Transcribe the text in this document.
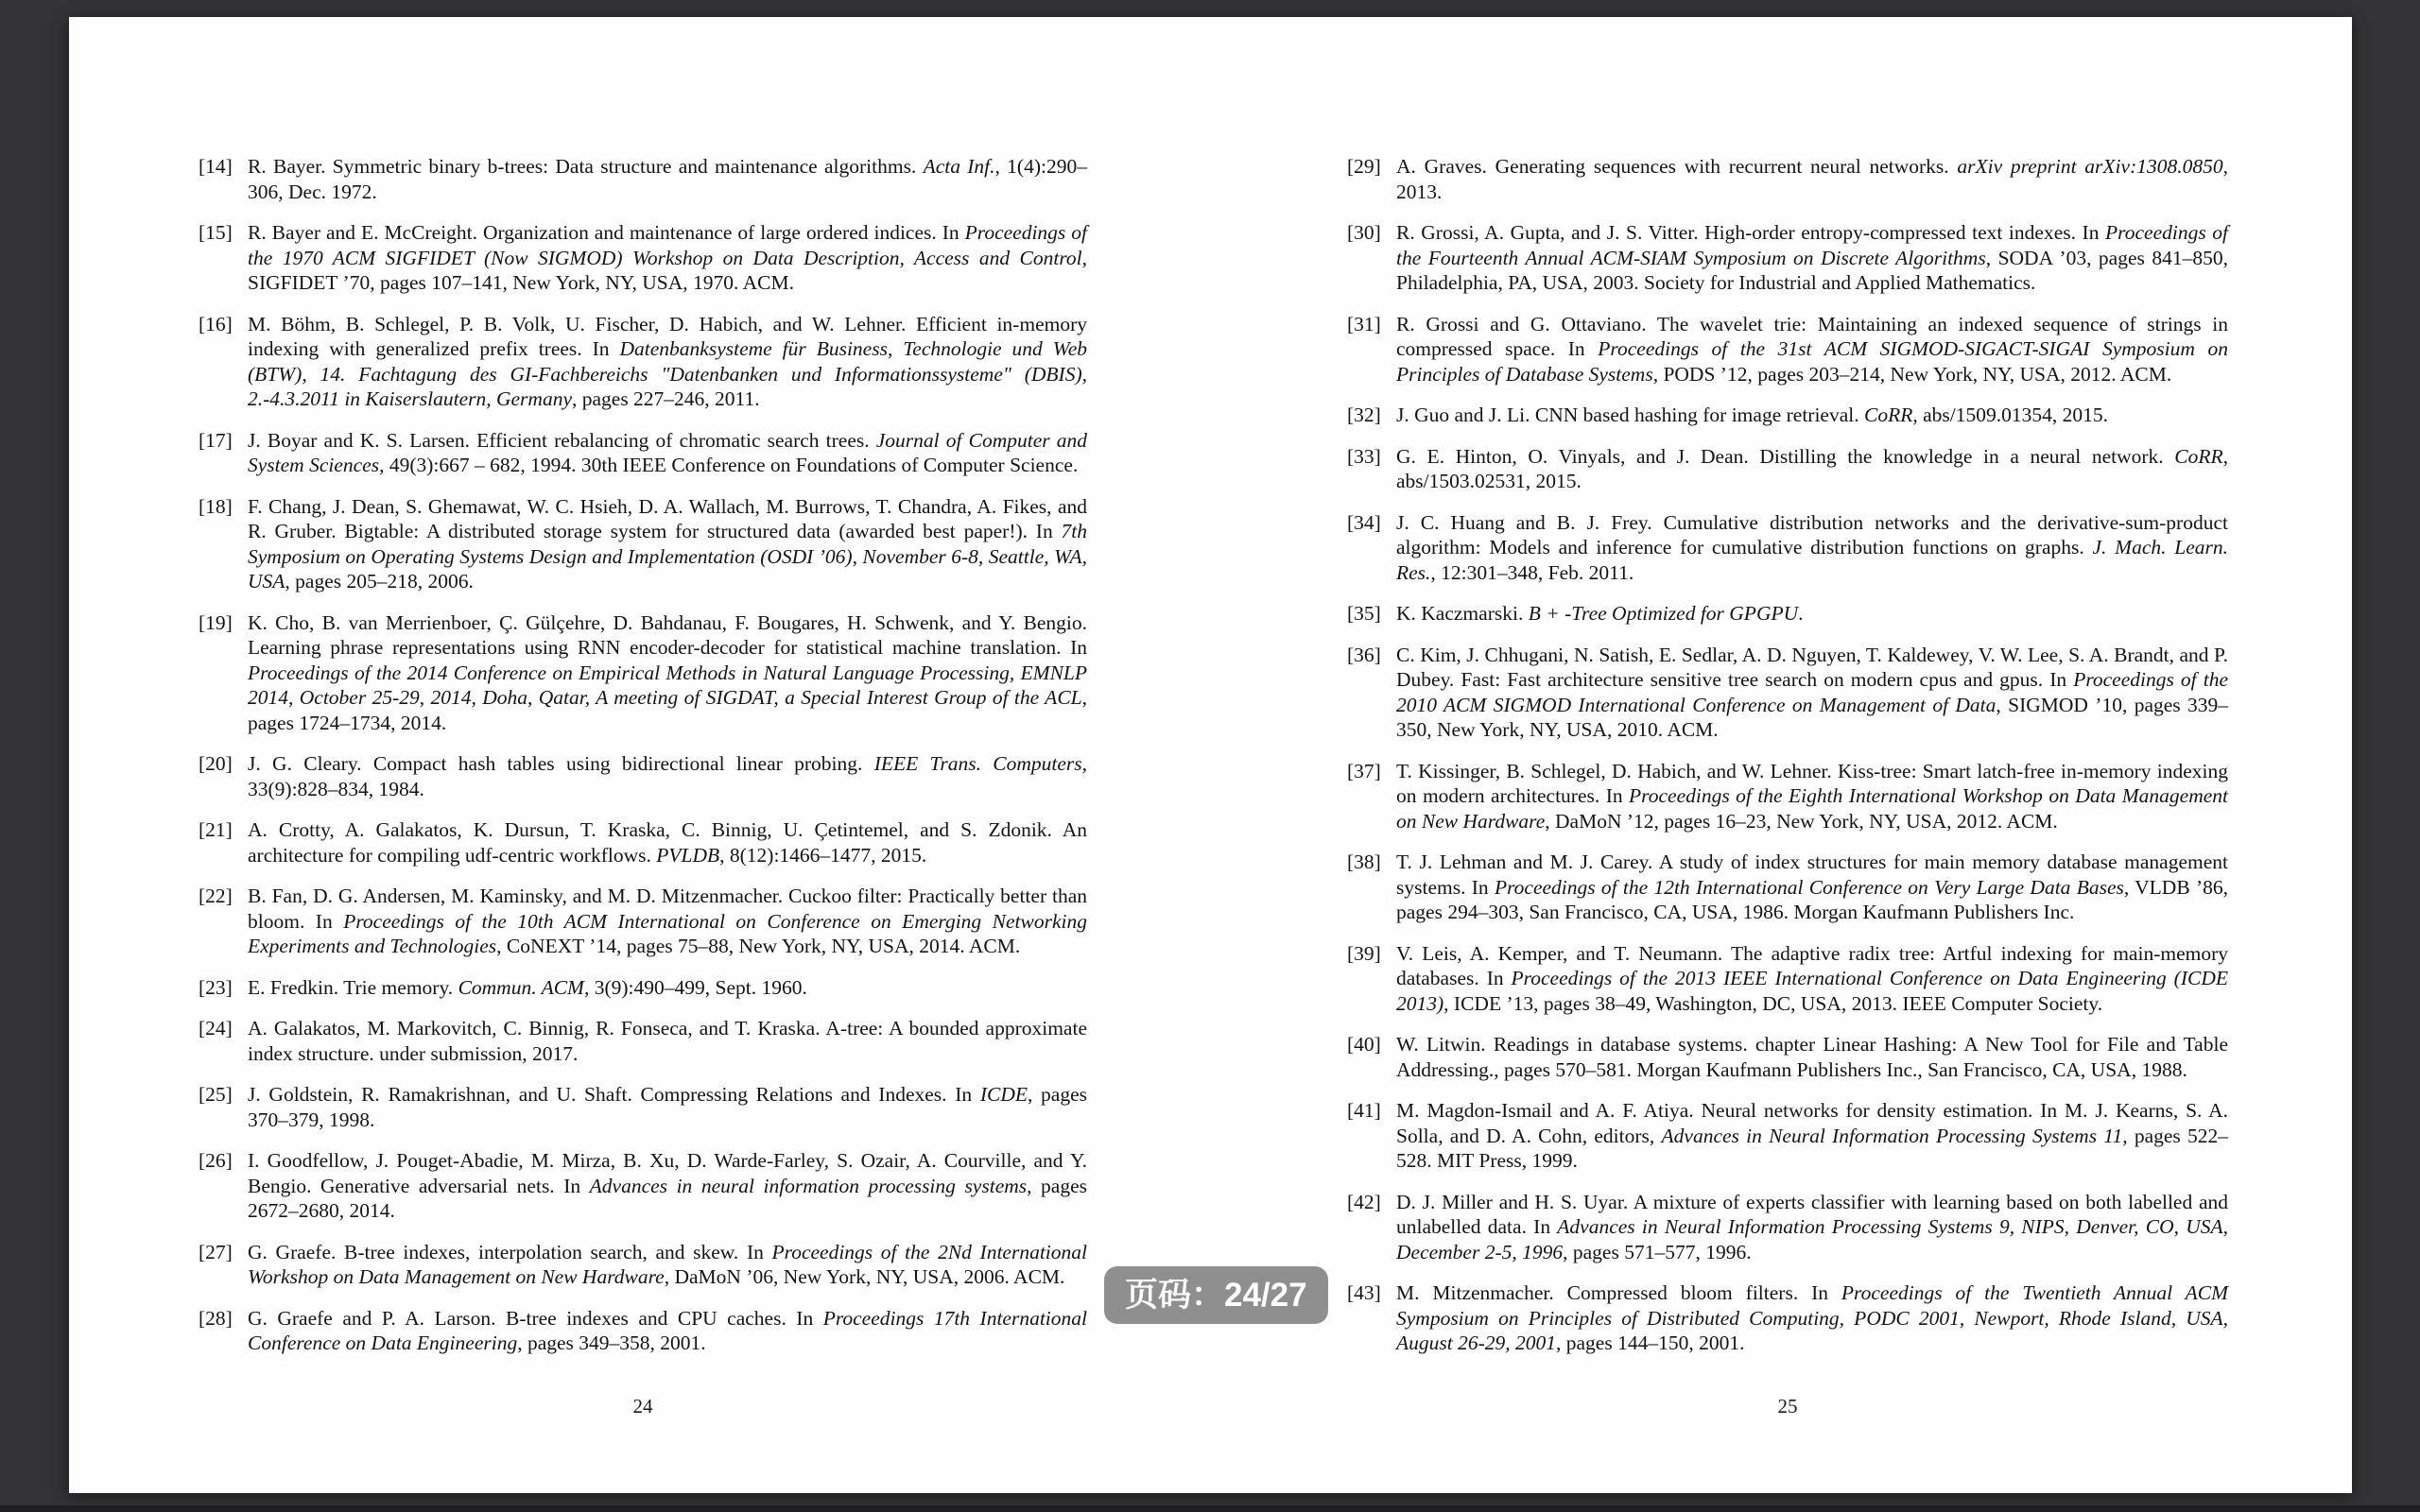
[14] R. Bayer. Symmetric binary b-trees: Data structure and maintenance algorithms. Acta Inf., 1(4):290–306, Dec. 1972.
[15] R. Bayer and E. McCreight. Organization and maintenance of large ordered indices. In Proceedings of the 1970 ACM SIGFIDET (Now SIGMOD) Workshop on Data Description, Access and Control, SIGFIDET ’70, pages 107–141, New York, NY, USA, 1970. ACM.
[16] M. Böhm, B. Schlegel, P. B. Volk, U. Fischer, D. Habich, and W. Lehner. Efficient in-memory indexing with generalized prefix trees. In Datenbanksysteme für Business, Technologie und Web (BTW), 14. Fachtagung des GI-Fachbereichs "Datenbanken und Informationssysteme" (DBIS), 2.-4.3.2011 in Kaiserslautern, Germany, pages 227–246, 2011.
[17] J. Boyar and K. S. Larsen. Efficient rebalancing of chromatic search trees. Journal of Computer and System Sciences, 49(3):667 – 682, 1994. 30th IEEE Conference on Foundations of Computer Science.
[18] F. Chang, J. Dean, S. Ghemawat, W. C. Hsieh, D. A. Wallach, M. Burrows, T. Chandra, A. Fikes, and R. Gruber. Bigtable: A distributed storage system for structured data (awarded best paper!). In 7th Symposium on Operating Systems Design and Implementation (OSDI ’06), November 6-8, Seattle, WA, USA, pages 205–218, 2006.
[19] K. Cho, B. van Merrienboer, Ç. Gülçehre, D. Bahdanau, F. Bougares, H. Schwenk, and Y. Bengio. Learning phrase representations using RNN encoder-decoder for statistical machine translation. In Proceedings of the 2014 Conference on Empirical Methods in Natural Language Processing, EMNLP 2014, October 25-29, 2014, Doha, Qatar, A meeting of SIGDAT, a Special Interest Group of the ACL, pages 1724–1734, 2014.
[20] J. G. Cleary. Compact hash tables using bidirectional linear probing. IEEE Trans. Computers, 33(9):828–834, 1984.
[21] A. Crotty, A. Galakatos, K. Dursun, T. Kraska, C. Binnig, U. Çetintemel, and S. Zdonik. An architecture for compiling udf-centric workflows. PVLDB, 8(12):1466–1477, 2015.
[22] B. Fan, D. G. Andersen, M. Kaminsky, and M. D. Mitzenmacher. Cuckoo filter: Practically better than bloom. In Proceedings of the 10th ACM International on Conference on Emerging Networking Experiments and Technologies, CoNEXT ’14, pages 75–88, New York, NY, USA, 2014. ACM.
[23] E. Fredkin. Trie memory. Commun. ACM, 3(9):490–499, Sept. 1960.
[24] A. Galakatos, M. Markovitch, C. Binnig, R. Fonseca, and T. Kraska. A-tree: A bounded approximate index structure. under submission, 2017.
[25] J. Goldstein, R. Ramakrishnan, and U. Shaft. Compressing Relations and Indexes. In ICDE, pages 370–379, 1998.
[26] I. Goodfellow, J. Pouget-Abadie, M. Mirza, B. Xu, D. Warde-Farley, S. Ozair, A. Courville, and Y. Bengio. Generative adversarial nets. In Advances in neural information processing systems, pages 2672–2680, 2014.
[27] G. Graefe. B-tree indexes, interpolation search, and skew. In Proceedings of the 2Nd International Workshop on Data Management on New Hardware, DaMoN ’06, New York, NY, USA, 2006. ACM.
[28] G. Graefe and P. A. Larson. B-tree indexes and CPU caches. In Proceedings 17th International Conference on Data Engineering, pages 349–358, 2001.
[29] A. Graves. Generating sequences with recurrent neural networks. arXiv preprint arXiv:1308.0850, 2013.
[30] R. Grossi, A. Gupta, and J. S. Vitter. High-order entropy-compressed text indexes. In Proceedings of the Fourteenth Annual ACM-SIAM Symposium on Discrete Algorithms, SODA ’03, pages 841–850, Philadelphia, PA, USA, 2003. Society for Industrial and Applied Mathematics.
[31] R. Grossi and G. Ottaviano. The wavelet trie: Maintaining an indexed sequence of strings in compressed space. In Proceedings of the 31st ACM SIGMOD-SIGACT-SIGAI Symposium on Principles of Database Systems, PODS ’12, pages 203–214, New York, NY, USA, 2012. ACM.
[32] J. Guo and J. Li. CNN based hashing for image retrieval. CoRR, abs/1509.01354, 2015.
[33] G. E. Hinton, O. Vinyals, and J. Dean. Distilling the knowledge in a neural network. CoRR, abs/1503.02531, 2015.
[34] J. C. Huang and B. J. Frey. Cumulative distribution networks and the derivative-sum-product algorithm: Models and inference for cumulative distribution functions on graphs. J. Mach. Learn. Res., 12:301–348, Feb. 2011.
[35] K. Kaczmarski. B + -Tree Optimized for GPGPU.
[36] C. Kim, J. Chhugani, N. Satish, E. Sedlar, A. D. Nguyen, T. Kaldewey, V. W. Lee, S. A. Brandt, and P. Dubey. Fast: Fast architecture sensitive tree search on modern cpus and gpus. In Proceedings of the 2010 ACM SIGMOD International Conference on Management of Data, SIGMOD ’10, pages 339–350, New York, NY, USA, 2010. ACM.
[37] T. Kissinger, B. Schlegel, D. Habich, and W. Lehner. Kiss-tree: Smart latch-free in-memory indexing on modern architectures. In Proceedings of the Eighth International Workshop on Data Management on New Hardware, DaMoN ’12, pages 16–23, New York, NY, USA, 2012. ACM.
[38] T. J. Lehman and M. J. Carey. A study of index structures for main memory database management systems. In Proceedings of the 12th International Conference on Very Large Data Bases, VLDB ’86, pages 294–303, San Francisco, CA, USA, 1986. Morgan Kaufmann Publishers Inc.
[39] V. Leis, A. Kemper, and T. Neumann. The adaptive radix tree: Artful indexing for main-memory databases. In Proceedings of the 2013 IEEE International Conference on Data Engineering (ICDE 2013), ICDE ’13, pages 38–49, Washington, DC, USA, 2013. IEEE Computer Society.
[40] W. Litwin. Readings in database systems. chapter Linear Hashing: A New Tool for File and Table Addressing., pages 570–581. Morgan Kaufmann Publishers Inc., San Francisco, CA, USA, 1988.
[41] M. Magdon-Ismail and A. F. Atiya. Neural networks for density estimation. In M. J. Kearns, S. A. Solla, and D. A. Cohn, editors, Advances in Neural Information Processing Systems 11, pages 522–528. MIT Press, 1999.
[42] D. J. Miller and H. S. Uyar. A mixture of experts classifier with learning based on both labelled and unlabelled data. In Advances in Neural Information Processing Systems 9, NIPS, Denver, CO, USA, December 2-5, 1996, pages 571–577, 1996.
[43] M. Mitzenmacher. Compressed bloom filters. In Proceedings of the Twentieth Annual ACM Symposium on Principles of Distributed Computing, PODC 2001, Newport, Rhode Island, USA, August 26-29, 2001, pages 144–150, 2001.
24	25
页码：24/27
